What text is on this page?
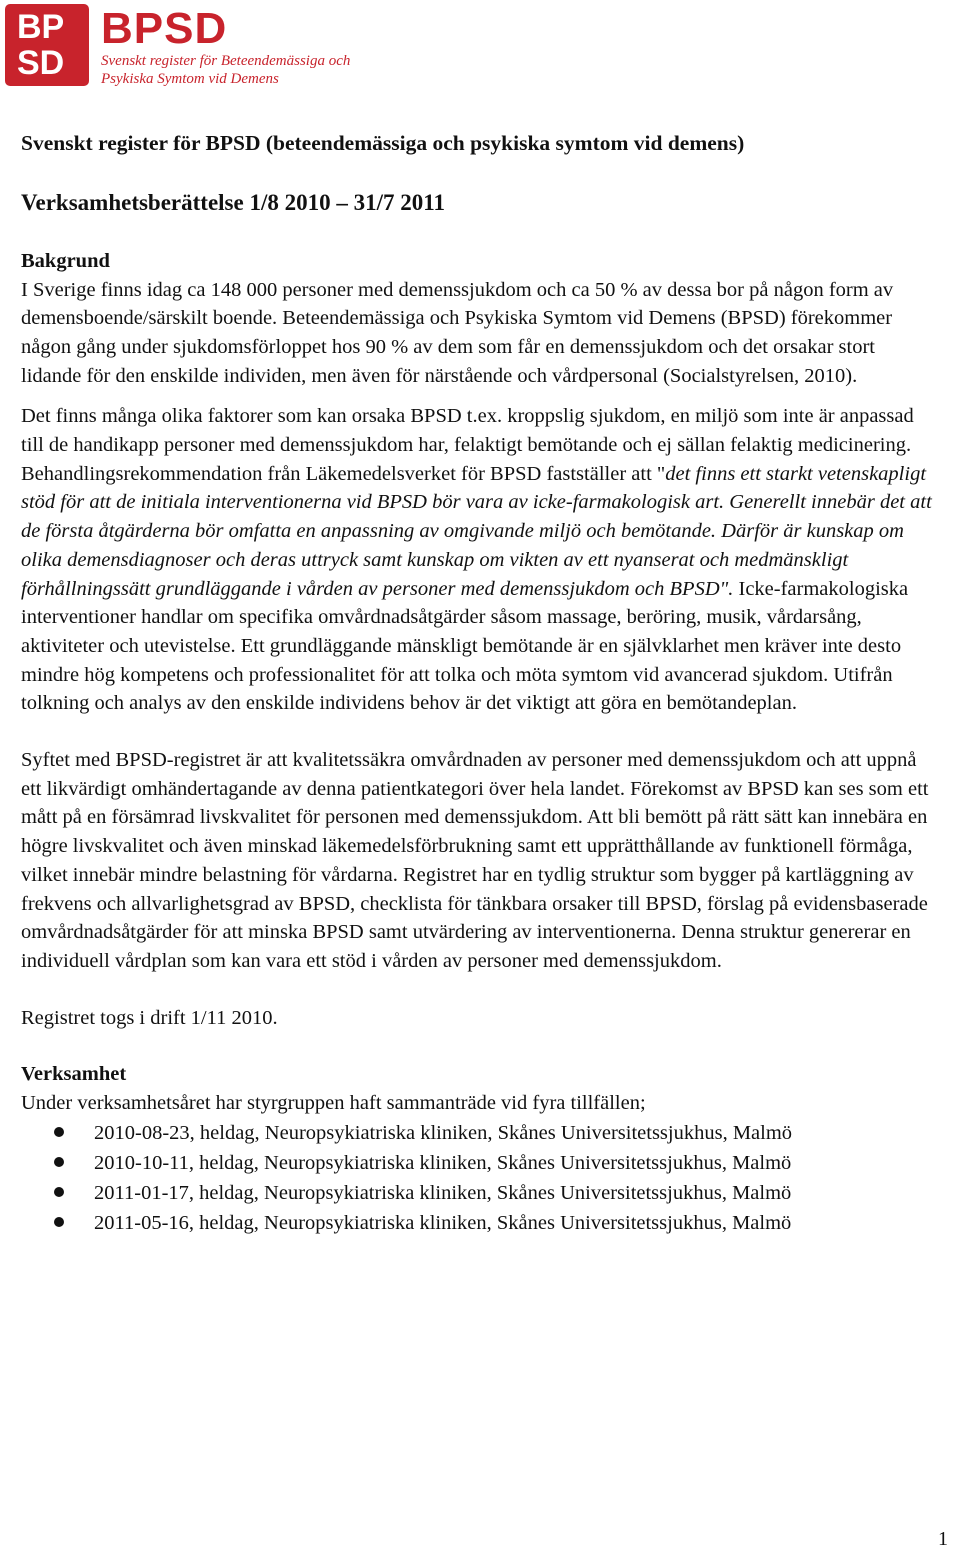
BP
SD
BPSD
Svenskt register för Beteendemässiga och
Psykiska Symtom vid Demens
Svenskt register för BPSD (beteendemässiga och psykiska symtom vid demens)
Verksamhetsberättelse 1/8 2010 – 31/7 2011
Bakgrund

I Sverige finns idag ca 148 000 personer med demenssjukdom och ca 50 % av dessa bor på någon form av demensboende/särskilt boende. Beteendemässiga och Psykiska Symtom vid Demens (BPSD) förekommer någon gång under sjukdomsförloppet hos 90 % av dem som får en demenssjukdom och det orsakar stort lidande för den enskilde individen, men även för närstående och vårdpersonal (Socialstyrelsen, 2010).

Det finns många olika faktorer som kan orsaka BPSD t.ex. kroppslig sjukdom, en miljö som inte är anpassad till de handikapp personer med demenssjukdom har, felaktigt bemötande och ej sällan felaktig medicinering. Behandlingsrekommendation från Läkemedelsverket för BPSD fastställer att "det finns ett starkt vetenskapligt stöd för att de initiala interventionerna vid BPSD bör vara av icke-farmakologisk art. Generellt innebär det att de första åtgärderna bör omfatta en anpassning av omgivande miljö och bemötande. Därför är kunskap om olika demensdiagnoser och deras uttryck samt kunskap om vikten av ett nyanserat och medmänskligt förhållningssätt grundläggande i vården av personer med demenssjukdom och BPSD". Icke-farmakologiska interventioner handlar om specifika omvårdnadsåtgärder såsom massage, beröring, musik, vårdarsång, aktiviteter och utevistelse. Ett grundläggande mänskligt bemötande är en självklarhet men kräver inte desto mindre hög kompetens och professionalitet för att tolka och möta symtom vid avancerad sjukdom. Utifrån tolkning och analys av den enskilde individens behov är det viktigt att göra en bemötandeplan.

Syftet med BPSD-registret är att kvalitetssäkra omvårdnaden av personer med demenssjukdom och att uppnå ett likvärdigt omhändertagande av denna patientkategori över hela landet. Förekomst av BPSD kan ses som ett mått på en försämrad livskvalitet för personen med demenssjukdom. Att bli bemött på rätt sätt kan innebära en högre livskvalitet och även minskad läkemedelsförbrukning samt ett upprätthållande av funktionell förmåga, vilket innebär mindre belastning för vårdarna. Registret har en tydlig struktur som bygger på kartläggning av frekvens och allvarlighetsgrad av BPSD, checklista för tänkbara orsaker till BPSD, förslag på evidensbaserade omvårdnadsåtgärder för att minska BPSD samt utvärdering av interventionerna. Denna struktur genererar en individuell vårdplan som kan vara ett stöd i vården av personer med demenssjukdom.

Registret togs i drift 1/11 2010.

Verksamhet

Under verksamhetsåret har styrgruppen haft sammanträde vid fyra tillfällen;

2010-08-23, heldag, Neuropsykiatriska kliniken, Skånes Universitetssjukhus, Malmö
2010-10-11, heldag, Neuropsykiatriska kliniken, Skånes Universitetssjukhus, Malmö
2011-01-17, heldag, Neuropsykiatriska kliniken, Skånes Universitetssjukhus, Malmö
2011-05-16, heldag, Neuropsykiatriska kliniken, Skånes Universitetssjukhus, Malmö
1
